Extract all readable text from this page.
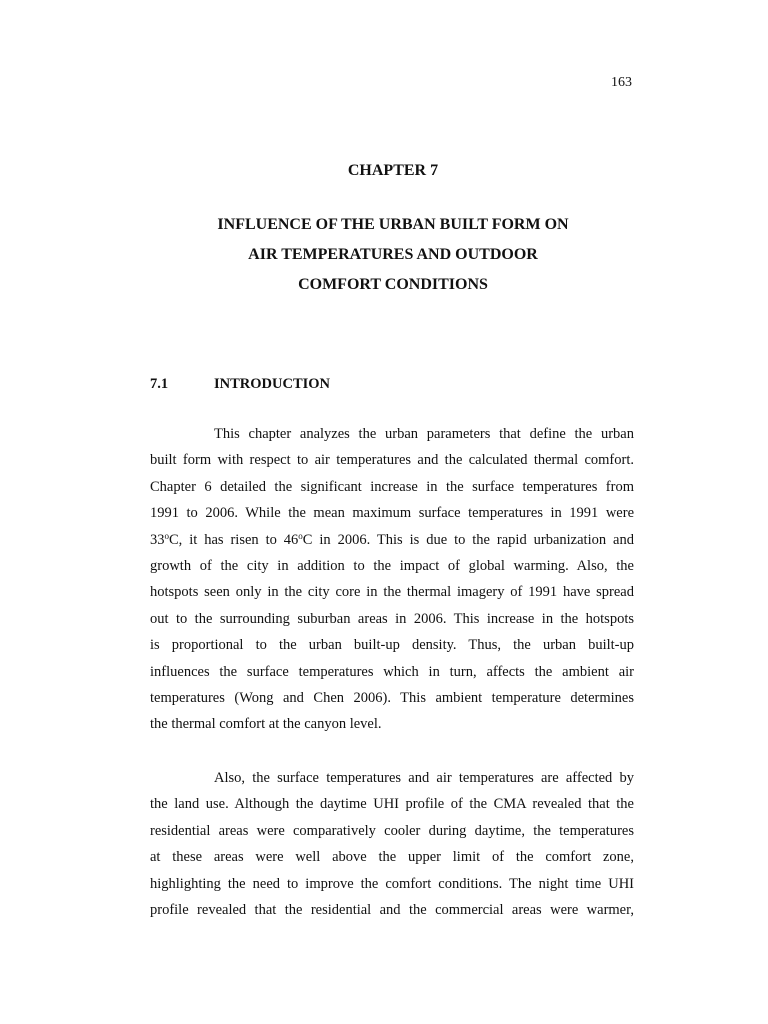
163
CHAPTER 7
INFLUENCE OF THE URBAN BUILT FORM ON
AIR TEMPERATURES AND OUTDOOR
COMFORT CONDITIONS
7.1	INTRODUCTION
This chapter analyzes the urban parameters that define the urban
built form with respect to air temperatures and the calculated thermal comfort.
Chapter 6 detailed the significant increase in the surface temperatures from
1991 to 2006. While the mean maximum surface temperatures in 1991 were
33$^o$C, it has risen to 46$^o$C in 2006. This is due to the rapid urbanization and
growth of the city in addition to the impact of global warming. Also, the
hotspots seen only in the city core in the thermal imagery of 1991 have spread
out to the surrounding suburban areas in 2006. This increase in the hotspots
is proportional to the urban built-up density. Thus, the urban built-up
influences the surface temperatures which in turn, affects the ambient air
temperatures (Wong and Chen 2006). This ambient temperature determines
the thermal comfort at the canyon level.
Also, the surface temperatures and air temperatures are affected by
the land use. Although the daytime UHI profile of the CMA revealed that the
residential areas were comparatively cooler during daytime, the temperatures
at these areas were well above the upper limit of the comfort zone,
highlighting the need to improve the comfort conditions. The night time UHI
profile revealed that the residential and the commercial areas were warmer,
